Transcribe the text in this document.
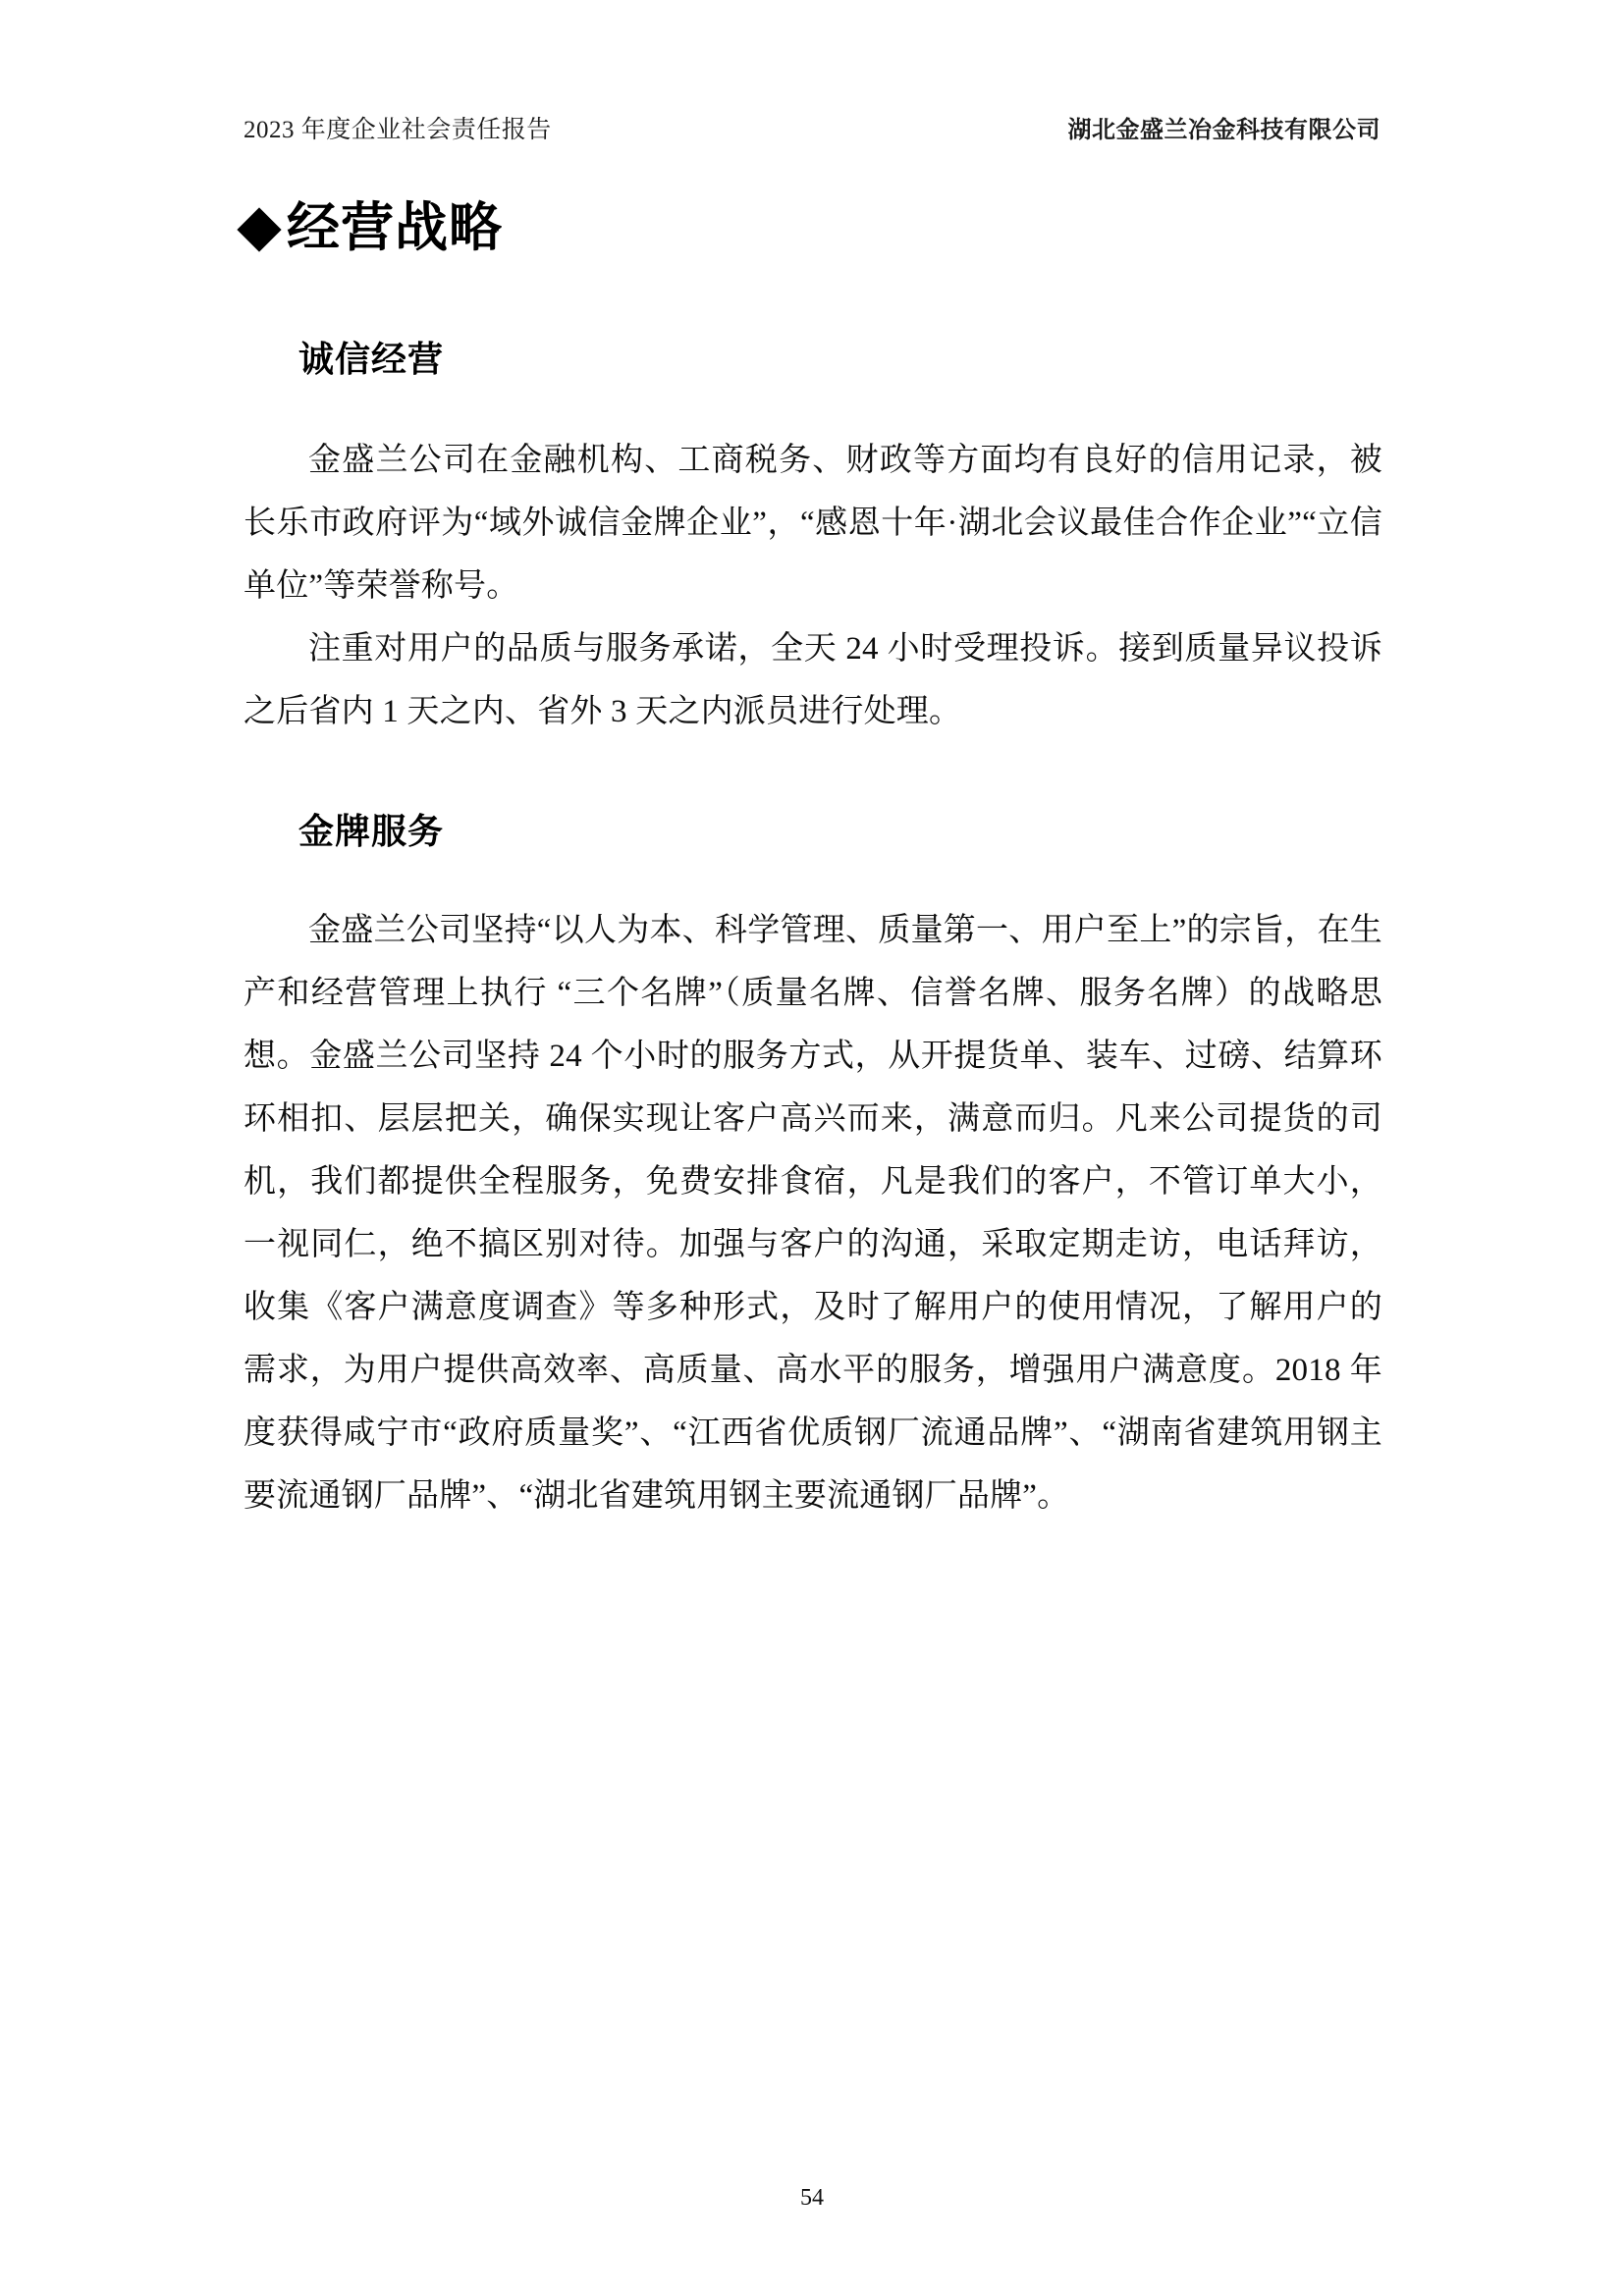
2023 年度企业社会责任报告	湖北金盛兰冶金科技有限公司
经营战略
诚信经营

金盛兰公司在金融机构、工商税务、财政等方面均有良好的信用记录，被长乐市政府评为“域外诚信金牌企业”，“感恩十年·湖北会议最佳合作企业”“立信单位”等荣誉称号。

注重对用户的品质与服务承诺，全天 24 小时受理投诉。接到质量异议投诉之后省内 1 天之内、省外 3 天之内派员进行处理。

金牌服务

金盛兰公司坚持“以人为本、科学管理、质量第一、用户至上”的宗旨，在生产和经营管理上执行 “三个名牌”（质量名牌、信誉名牌、服务名牌）的战略思想。金盛兰公司坚持 24 个小时的服务方式，从开提货单、装车、过磅、结算环环相扣、层层把关，确保实现让客户高兴而来，满意而归。凡来公司提货的司机，我们都提供全程服务，免费安排食宿，凡是我们的客户，不管订单大小，一视同仁，绝不搞区别对待。加强与客户的沟通，采取定期走访，电话拜访，收集《客户满意度调查》等多种形式，及时了解用户的使用情况，了解用户的需求，为用户提供高效率、高质量、高水平的服务，增强用户满意度。2018 年度获得咸宁市“政府质量奖”、“江西省优质钢厂流通品牌”、“湖南省建筑用钢主要流通钢厂品牌”、“湖北省建筑用钢主要流通钢厂品牌”。

54
